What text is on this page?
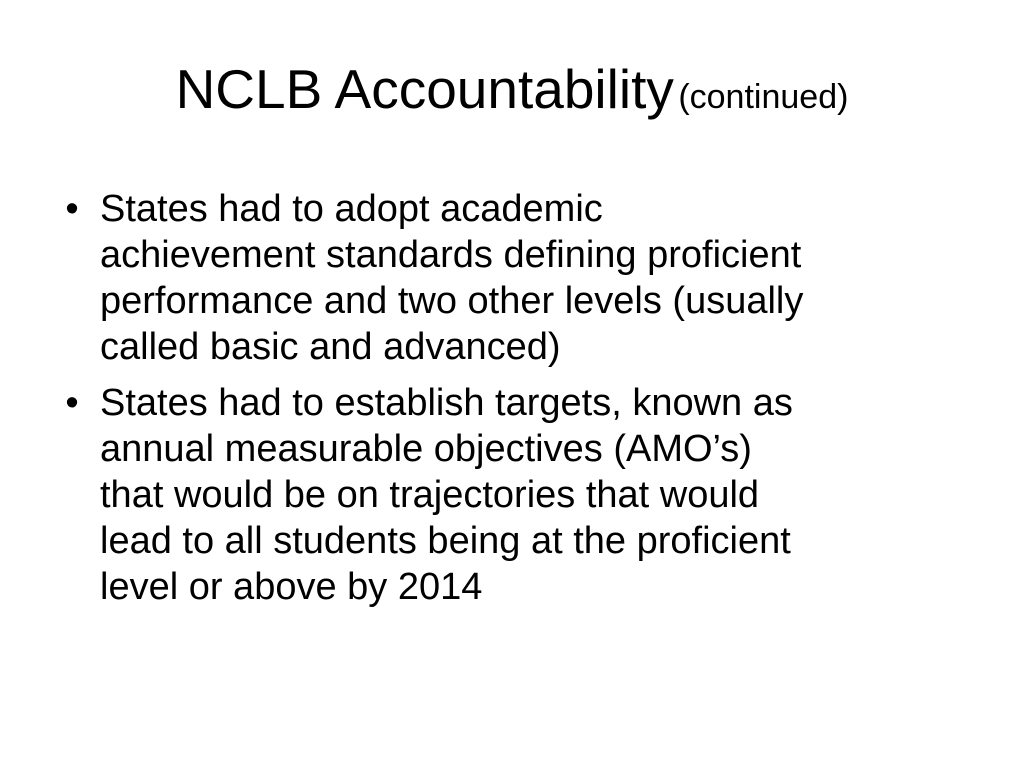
NCLB Accountability (continued)
• States had to adopt academic
achievement standards defining proficient
performance and two other levels (usually
called basic and advanced)
• States had to establish targets, known as
annual measurable objectives (AMO’s)
that would be on trajectories that would
lead to all students being at the proficient
level or above by 2014
